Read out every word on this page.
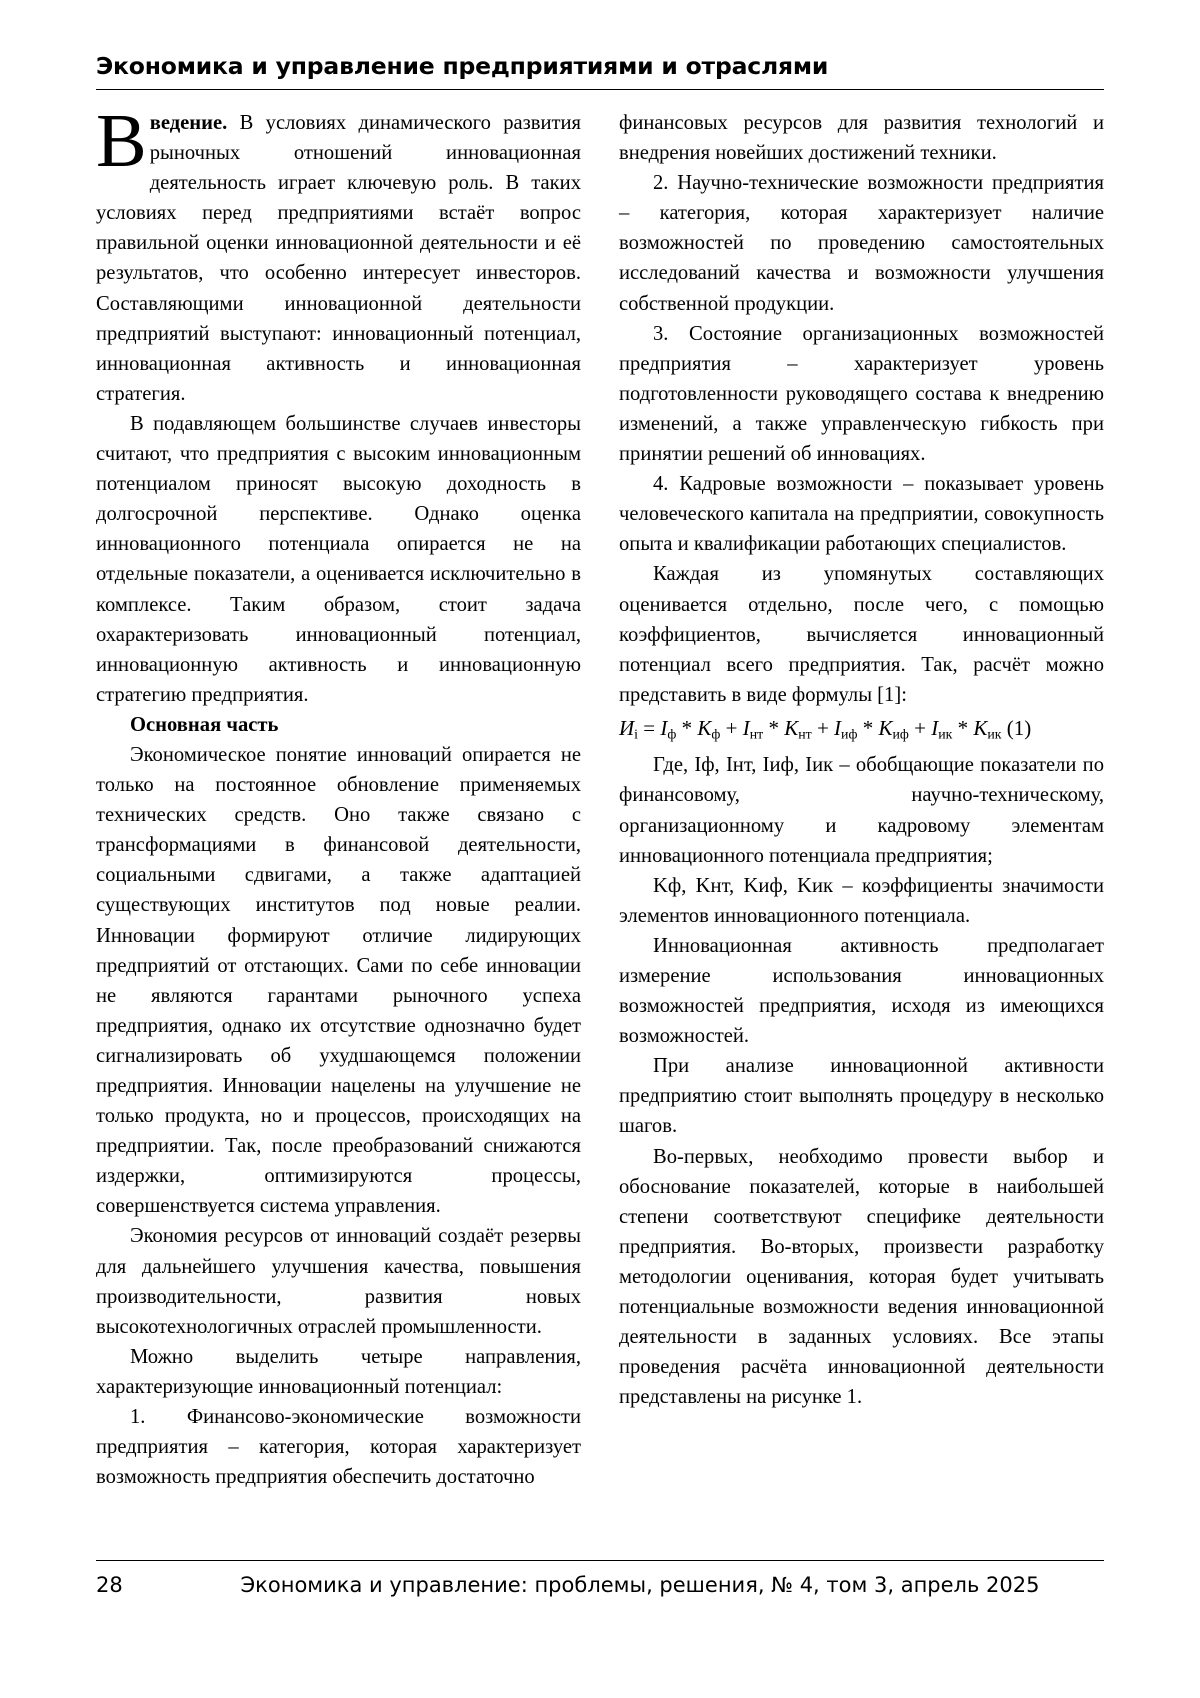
Экономика и управление предприятиями и отраслями

Введение. В условиях динамического развития рыночных отношений инновационная деятельность играет ключевую роль. В таких условиях перед предприятиями встаёт вопрос правильной оценки инновационной деятельности и её результатов, что особенно интересует инвесторов. Составляющими инновационной деятельности предприятий выступают: инновационный потенциал, инновационная активность и инновационная стратегия.

В подавляющем большинстве случаев инвесторы считают, что предприятия с высоким инновационным потенциалом приносят высокую доходность в долгосрочной перспективе. Однако оценка инновационного потенциала опирается не на отдельные показатели, а оценивается исключительно в комплексе. Таким образом, стоит задача охарактеризовать инновационный потенциал, инновационную активность и инновационную стратегию предприятия.

Основная часть

Экономическое понятие инноваций опирается не только на постоянное обновление применяемых технических средств. Оно также связано с трансформациями в финансовой деятельности, социальными сдвигами, а также адаптацией существующих институтов под новые реалии. Инновации формируют отличие лидирующих предприятий от отстающих. Сами по себе инновации не являются гарантами рыночного успеха предприятия, однако их отсутствие однозначно будет сигнализировать об ухудшающемся положении предприятия. Инновации нацелены на улучшение не только продукта, но и процессов, происходящих на предприятии. Так, после преобразований снижаются издержки, оптимизируются процессы, совершенствуется система управления.

Экономия ресурсов от инноваций создаёт резервы для дальнейшего улучшения качества, повышения производительности, развития новых высокотехнологичных отраслей промышленности.

Можно выделить четыре направления, характеризующие инновационный потенциал:

1. Финансово-экономические возможности предприятия – категория, которая характеризует возможность предприятия обеспечить достаточно

финансовых ресурсов для развития технологий и внедрения новейших достижений техники.

2. Научно-технические возможности предприятия – категория, которая характеризует наличие возможностей по проведению самостоятельных исследований качества и возможности улучшения собственной продукции.

3. Состояние организационных возможностей предприятия – характеризует уровень подготовленности руководящего состава к внедрению изменений, а также управленческую гибкость при принятии решений об инновациях.

4. Кадровые возможности – показывает уровень человеческого капитала на предприятии, совокупность опыта и квалификации работающих специалистов.

Каждая из упомянутых составляющих оценивается отдельно, после чего, с помощью коэффициентов, вычисляется инновационный потенциал всего предприятия. Так, расчёт можно представить в виде формулы [1]:

$И_i = I_ф * K_ф + I_{нт} * K_{нт} + I_{иф} * K_{иф} + I_{ик} * K_{ик}$ (1)

Где, Iф, Iнт, Iиф, Iик – обобщающие показатели по финансовому, научно-техническому, организационному и кадровому элементам инновационного потенциала предприятия;

Kф, Kнт, Kиф, Kик – коэффициенты значимости элементов инновационного потенциала.

Инновационная активность предполагает измерение использования инновационных возможностей предприятия, исходя из имеющихся возможностей.

При анализе инновационной активности предприятию стоит выполнять процедуру в несколько шагов.

Во-первых, необходимо провести выбор и обоснование показателей, которые в наибольшей степени соответствуют специфике деятельности предприятия. Во-вторых, произвести разработку методологии оценивания, которая будет учитывать потенциальные возможности ведения инновационной деятельности в заданных условиях. Все этапы проведения расчёта инновационной деятельности представлены на рисунке 1.

28	Экономика и управление: проблемы, решения, № 4, том 3, апрель 2025
